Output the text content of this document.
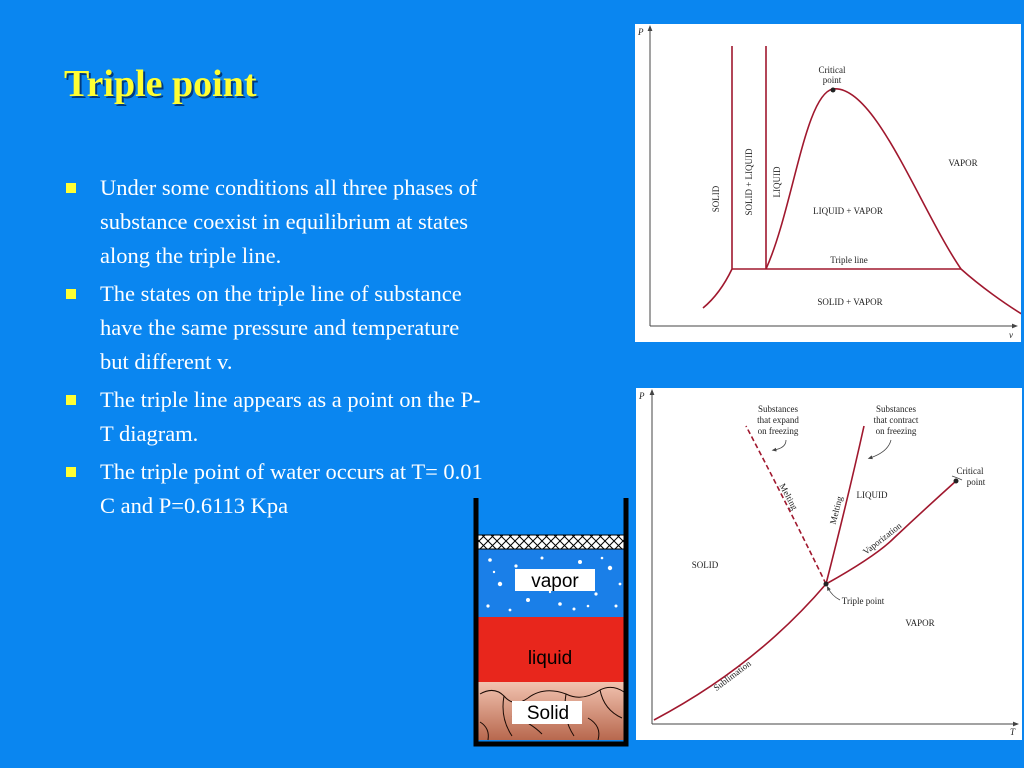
Triple point
Under some conditions all three phases of substance coexist in equilibrium at states along the triple line.
The states on the triple line of substance have the same pressure and temperature but different v.
The triple line appears as a point on the P-T diagram.
The triple point of water occurs at T= 0.01 C and P=0.6113 Kpa
P
v
Critical point
SOLID	SOLID + LIQUID LIQUID
VAPOR
LIQUID + VAPOR
Triple line
SOLID + VAPOR
P
T
Substances that expand on freezing
Substances that contract on freezing
Critical point
Melting	Melting
LIQUID
Vaporization
SOLID
Triple point
VAPOR
Sublimation
vapor
liquid
Solid
